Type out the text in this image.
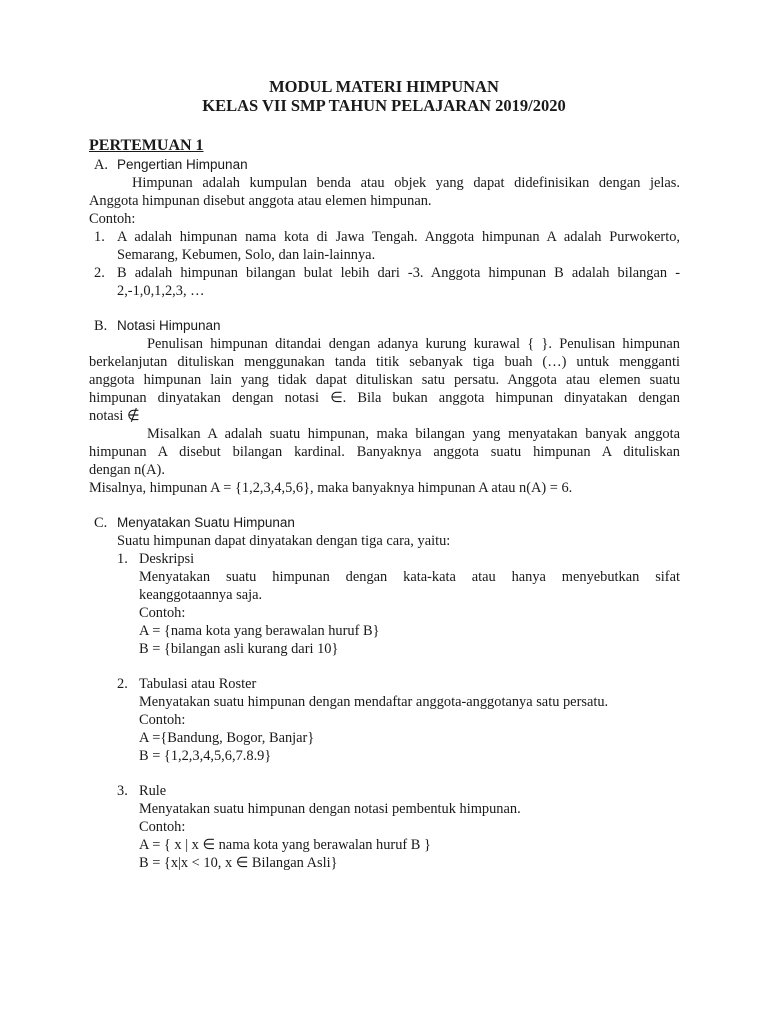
MODUL MATERI HIMPUNAN
KELAS VII SMP TAHUN PELAJARAN 2019/2020
PERTEMUAN 1
A. Pengertian Himpunan
Himpunan adalah kumpulan benda atau objek yang dapat didefinisikan dengan jelas.
Anggota himpunan disebut anggota atau elemen himpunan.
Contoh:
1. A adalah himpunan nama kota di Jawa Tengah. Anggota himpunan A adalah Purwokerto,
Semarang, Kebumen, Solo, dan lain-lainnya.
2. B adalah himpunan bilangan bulat lebih dari -3. Anggota himpunan B adalah bilangan -
2,-1,0,1,2,3, …
B. Notasi Himpunan
Penulisan himpunan ditandai dengan adanya kurung kurawal { }. Penulisan himpunan
berkelanjutan dituliskan menggunakan tanda titik sebanyak tiga buah (…) untuk mengganti
anggota himpunan lain yang tidak dapat dituliskan satu persatu. Anggota atau elemen suatu
himpunan dinyatakan dengan notasi ∈. Bila bukan anggota himpunan dinyatakan dengan
notasi ∉
Misalkan A adalah suatu himpunan, maka bilangan yang menyatakan banyak anggota
himpunan A disebut bilangan kardinal. Banyaknya anggota suatu himpunan A dituliskan
dengan n(A).
Misalnya, himpunan A = {1,2,3,4,5,6}, maka banyaknya himpunan A atau n(A) = 6.
C. Menyatakan Suatu Himpunan
Suatu himpunan dapat dinyatakan dengan tiga cara, yaitu:
1. Deskripsi
Menyatakan suatu himpunan dengan kata-kata atau hanya menyebutkan sifat
keanggotaannya saja.
Contoh:
A = {nama kota yang berawalan huruf B}
B = {bilangan asli kurang dari 10}
2. Tabulasi atau Roster
Menyatakan suatu himpunan dengan mendaftar anggota-anggotanya satu persatu.
Contoh:
A ={Bandung, Bogor, Banjar}
B = {1,2,3,4,5,6,7.8.9}
3. Rule
Menyatakan suatu himpunan dengan notasi pembentuk himpunan.
Contoh:
A = { x | x ∈ nama kota yang berawalan huruf B }
B = {x|x < 10, x ∈ Bilangan Asli}
